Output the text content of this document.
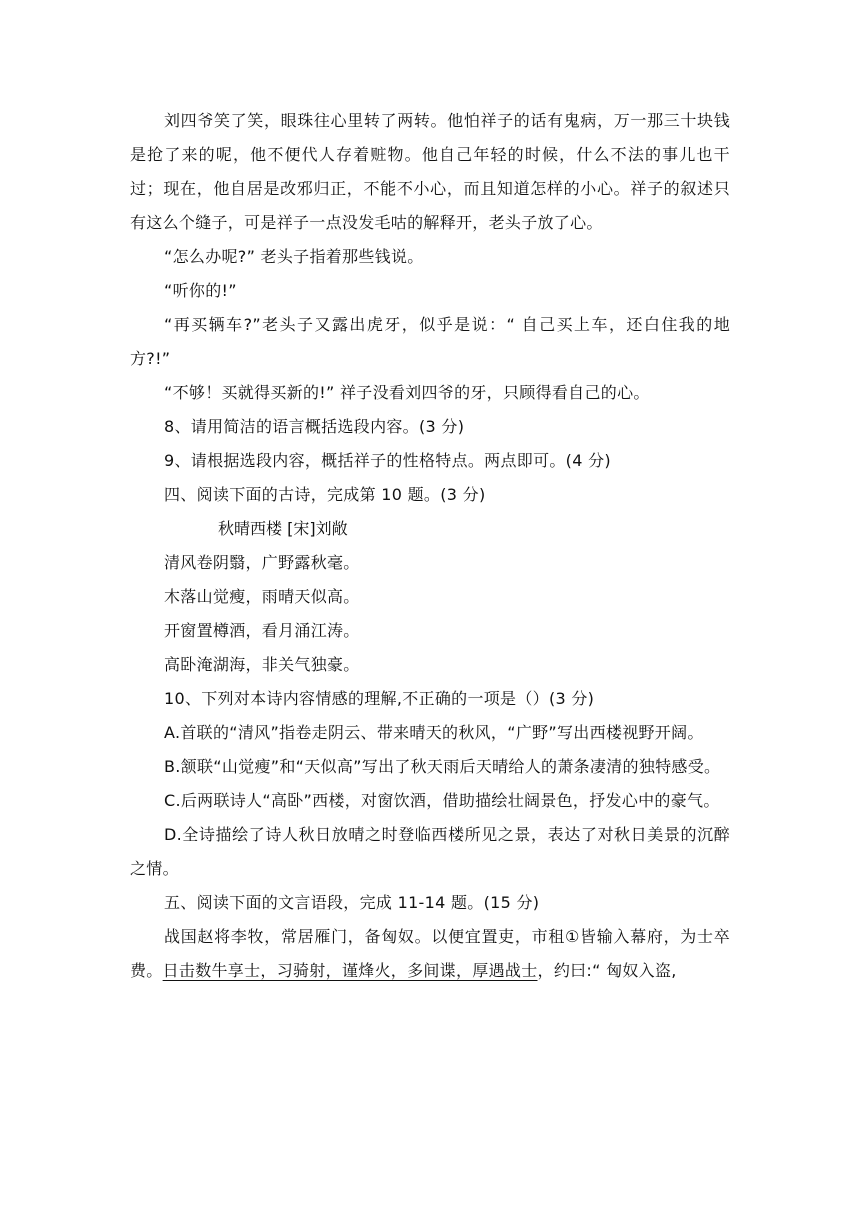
刘四爷笑了笑，眼珠往心里转了两转。他怕祥子的话有鬼病，万一那三十块钱是抢了来的呢，他不便代人存着赃物。他自己年轻的时候，什么不法的事儿也干过；现在，他自居是改邪归正，不能不小心，而且知道怎样的小心。祥子的叙述只有这么个缝子，可是祥子一点没发毛咕的解释开，老头子放了心。

“怎么办呢?” 老头子指着那些钱说。

“听你的!”

“再买辆车?”老头子又露出虎牙，似乎是说：“ 自己买上车，还白住我的地方?!”

“不够！买就得买新的!” 祥子没看刘四爷的牙，只顾得看自己的心。

8、请用简洁的语言概括选段内容。(3 分)

9、请根据选段内容，概括祥子的性格特点。两点即可。(4 分)

四、阅读下面的古诗，完成第 10 题。(3 分)

秋晴西楼 [宋]刘敞

清风卷阴翳，广野露秋毫。

木落山觉瘦，雨晴天似高。

开窗置樽酒，看月涌江涛。

高卧淹湖海，非关气独豪。

10、下列对本诗内容情感的理解,不正确的一项是（）(3 分)

A.首联的“清风”指卷走阴云、带来晴天的秋风，“广野”写出西楼视野开阔。

B.颔联“山觉瘦”和“天似高”写出了秋天雨后天晴给人的萧条凄清的独特感受。

C.后两联诗人“高卧”西楼，对窗饮酒，借助描绘壮阔景色，抒发心中的豪气。

D.全诗描绘了诗人秋日放晴之时登临西楼所见之景，表达了对秋日美景的沉醉之情。

五、阅读下面的文言语段，完成 11-14 题。(15 分)

战国赵将李牧，常居雁门，备匈奴。以便宜置吏，市租①皆输入幕府，为士卒费。日击数牛享士，习骑射，谨烽火，多间谍，厚遇战士，约曰:“ 匈奴入盗,
